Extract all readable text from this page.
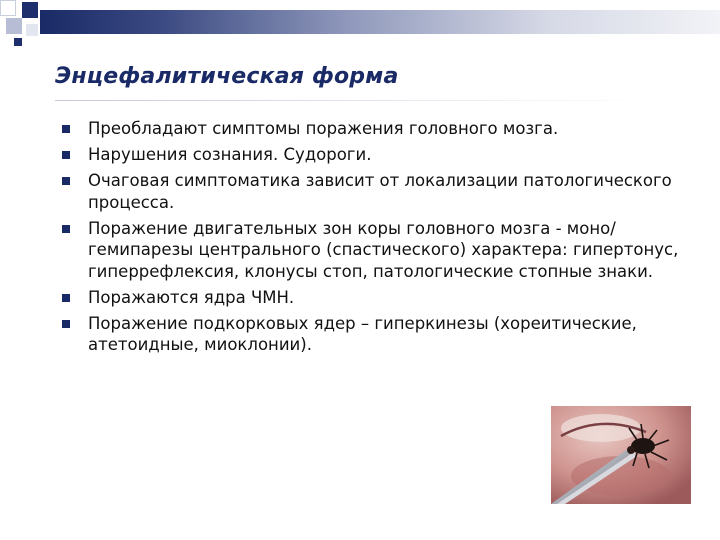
Энцефалитическая форма
Преобладают симптомы поражения головного мозга.
Нарушения сознания. Судороги.
Очаговая симптоматика зависит от локализации патологического процесса.
Поражение двигательных зон коры головного мозга - моно/гемипарезы центрального (спастического) характера: гипертонус, гиперрефлексия, клонусы стоп, патологические стопные знаки.
Поражаются ядра ЧМН.
Поражение подкорковых ядер – гиперкинезы (хореитические, атетоидные, миоклонии).
